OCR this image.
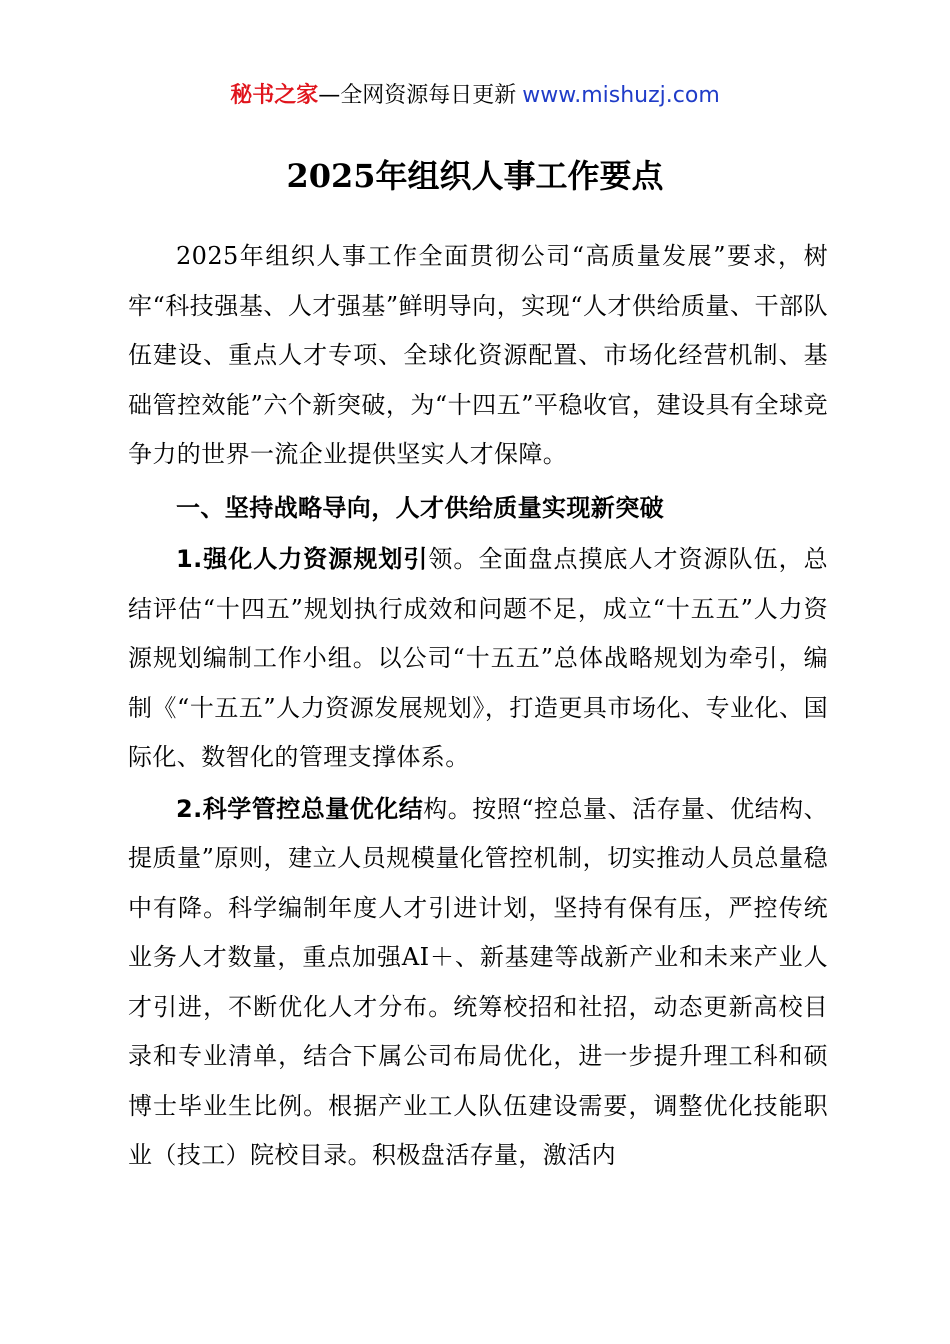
秘书之家—全网资源每日更新 www.mishuzj.com
2025年组织人事工作要点

2025年组织人事工作全面贯彻公司“高质量发展”要求，树牢“科技强基、人才强基”鲜明导向，实现“人才供给质量、干部队伍建设、重点人才专项、全球化资源配置、市场化经营机制、基础管控效能”六个新突破，为“十四五”平稳收官，建设具有全球竞争力的世界一流企业提供坚实人才保障。

一、坚持战略导向，人才供给质量实现新突破

1.强化人力资源规划引领。全面盘点摸底人才资源队伍，总结评估“十四五”规划执行成效和问题不足，成立“十五五”人力资源规划编制工作小组。以公司“十五五”总体战略规划为牵引，编制《“十五五”人力资源发展规划》，打造更具市场化、专业化、国际化、数智化的管理支撑体系。

2.科学管控总量优化结构。按照“控总量、活存量、优结构、提质量”原则，建立人员规模量化管控机制，切实推动人员总量稳中有降。科学编制年度人才引进计划，坚持有保有压，严控传统业务人才数量，重点加强AI＋、新基建等战新产业和未来产业人才引进，不断优化人才分布。统筹校招和社招，动态更新高校目录和专业清单，结合下属公司布局优化，进一步提升理工科和硕博士毕业生比例。根据产业工人队伍建设需要，调整优化技能职业（技工）院校目录。积极盘活存量，激活内
